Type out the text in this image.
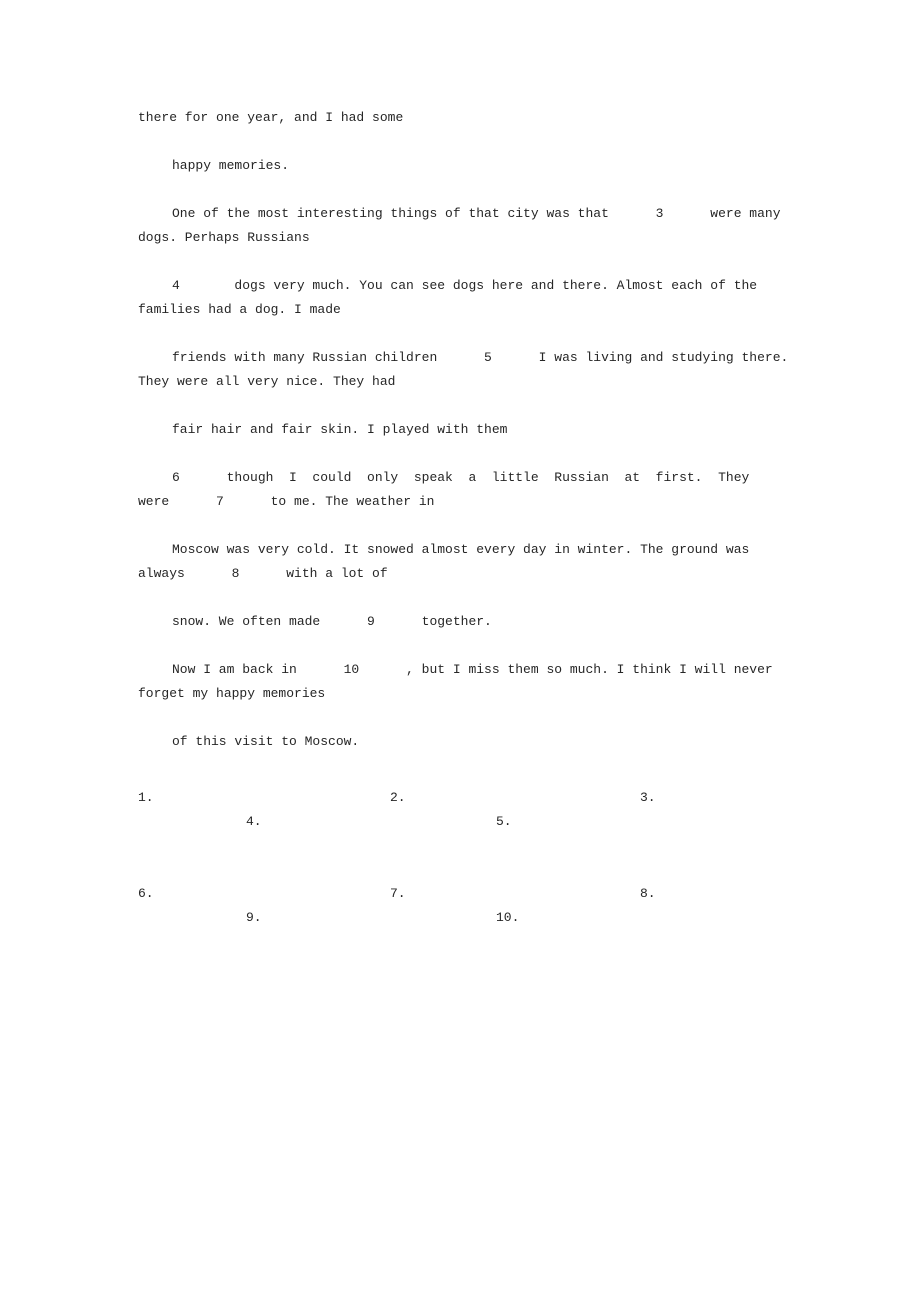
there for one year, and I had some
happy memories.
One of the most interesting things of that city was that      3      were many
dogs. Perhaps Russians
4       dogs very much. You can see dogs here and there. Almost each of the
families had a dog. I made
friends with many Russian children      5      I was living and studying there.
They were all very nice. They had
fair hair and fair skin. I played with them
6      though  I  could  only  speak  a  little  Russian  at  first.  They
were      7      to me. The weather in
Moscow was very cold. It snowed almost every day in winter. The ground was
always      8      with a lot of
snow. We often made      9      together.
Now I am back in      10      , but I miss them so much. I think I will never
forget my happy memories
of this visit to Moscow.
1.	2.	3.
4.	5.
6.	7.	8.
9.	10.
